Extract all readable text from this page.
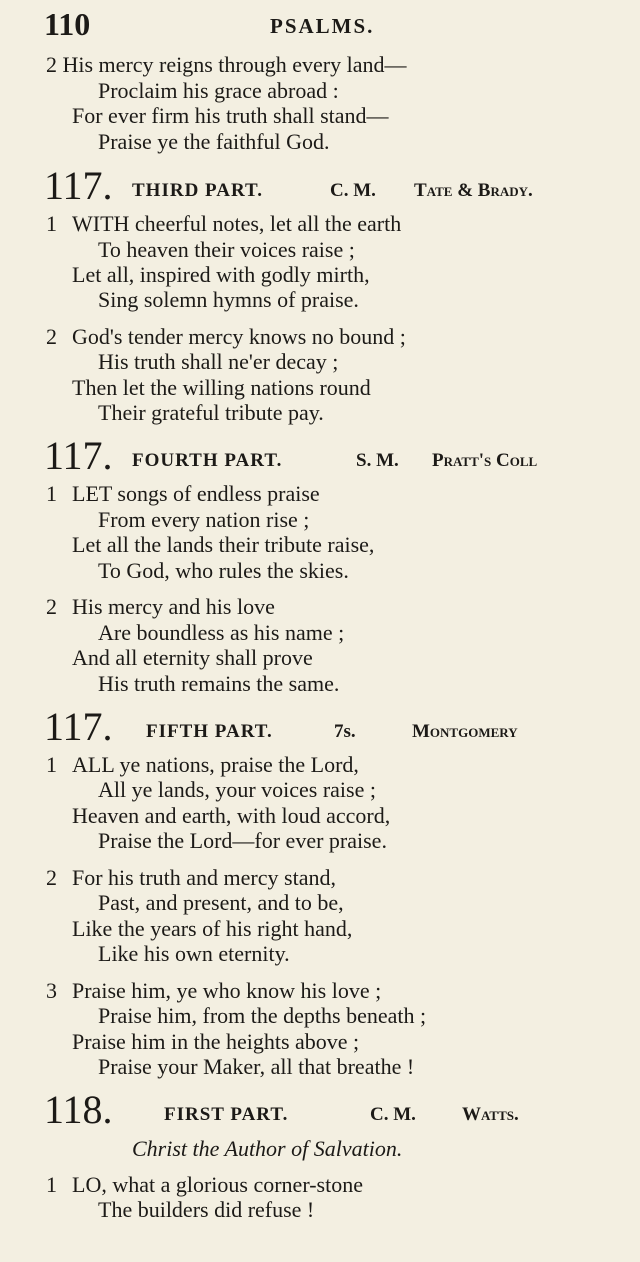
110	PSALMS.
2 His mercy reigns through every land—
Proclaim his grace abroad :
For ever firm his truth shall stand—
Praise ye the faithful God.
117. THIRD PART.	C. M. Tate & Brady.
1 WITH cheerful notes, let all the earth
To heaven their voices raise ;
Let all, inspired with godly mirth,
Sing solemn hymns of praise.
2 God's tender mercy knows no bound ;
His truth shall ne'er decay ;
Then let the willing nations round
Their grateful tribute pay.
117. FOURTH PART.	S. M. Pratt's Coll
1 LET songs of endless praise
From every nation rise ;
Let all the lands their tribute raise,
To God, who rules the skies.
2 His mercy and his love
Are boundless as his name ;
And all eternity shall prove
His truth remains the same.
117. FIFTH PART.	7s.	Montgomery
1 ALL ye nations, praise the Lord,
All ye lands, your voices raise ;
Heaven and earth, with loud accord,
Praise the Lord—for ever praise.
2 For his truth and mercy stand,
Past, and present, and to be,
Like the years of his right hand,
Like his own eternity.
3 Praise him, ye who know his love ;
Praise him, from the depths beneath ;
Praise him in the heights above ;
Praise your Maker, all that breathe !
118.	FIRST PART.	C. M. Watts.
Christ the Author of Salvation.
1 LO, what a glorious corner-stone
The builders did refuse !
